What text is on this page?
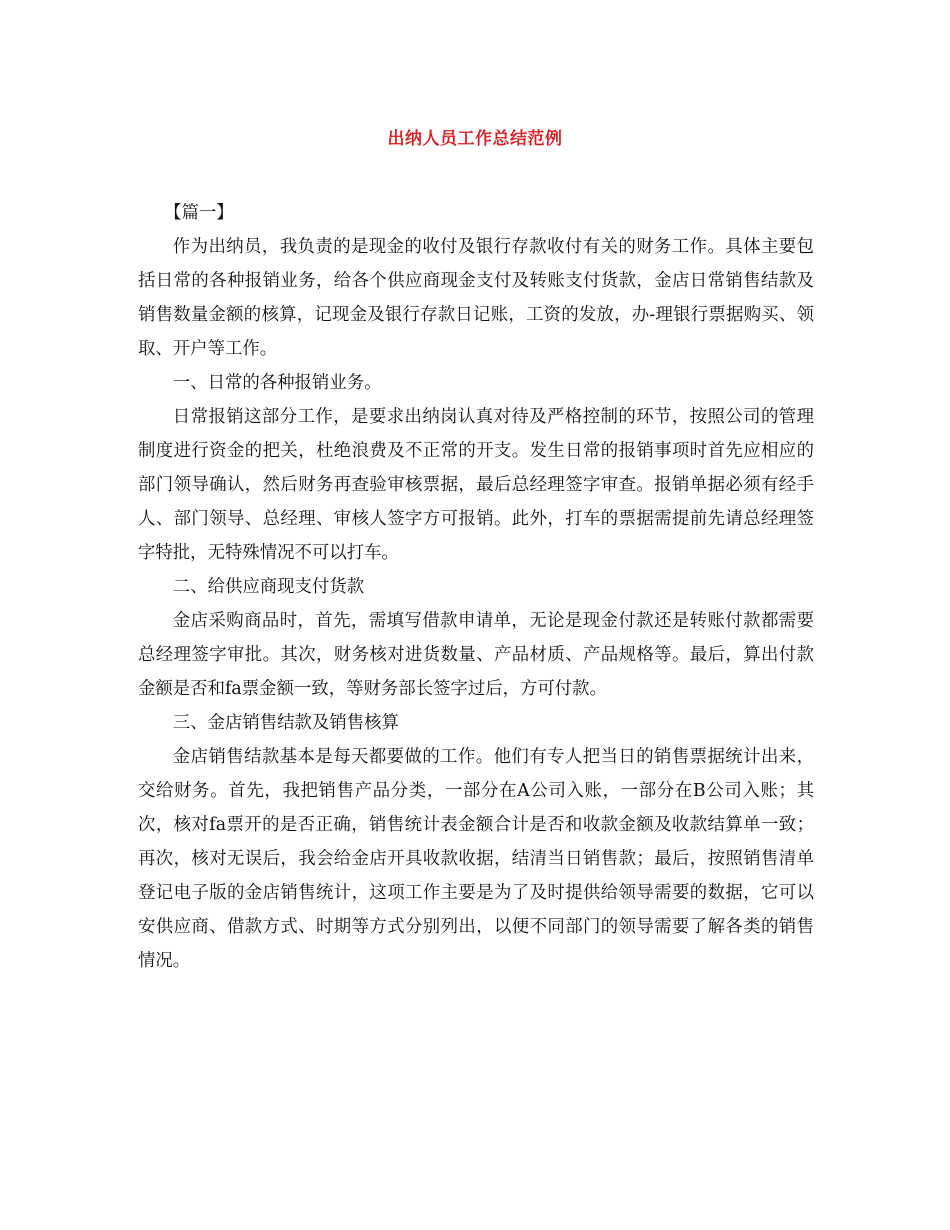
出纳人员工作总结范例

【篇一】

作为出纳员，我负责的是现金的收付及银行存款收付有关的财务工作。具体主要包括日常的各种报销业务，给各个供应商现金支付及转账支付货款，金店日常销售结款及销售数量金额的核算，记现金及银行存款日记账，工资的发放，办-理银行票据购买、领取、开户等工作。

一、日常的各种报销业务。

日常报销这部分工作，是要求出纳岗认真对待及严格控制的环节，按照公司的管理制度进行资金的把关，杜绝浪费及不正常的开支。发生日常的报销事项时首先应相应的部门领导确认，然后财务再查验审核票据，最后总经理签字审查。报销单据必须有经手人、部门领导、总经理、审核人签字方可报销。此外，打车的票据需提前先请总经理签字特批，无特殊情况不可以打车。

二、给供应商现支付货款

金店采购商品时，首先，需填写借款申请单，无论是现金付款还是转账付款都需要总经理签字审批。其次，财务核对进货数量、产品材质、产品规格等。最后，算出付款金额是否和fa票金额一致，等财务部长签字过后，方可付款。

三、金店销售结款及销售核算

金店销售结款基本是每天都要做的工作。他们有专人把当日的销售票据统计出来，交给财务。首先，我把销售产品分类，一部分在A公司入账，一部分在B公司入账；其次，核对fa票开的是否正确，销售统计表金额合计是否和收款金额及收款结算单一致；再次，核对无误后，我会给金店开具收款收据，结清当日销售款；最后，按照销售清单登记电子版的金店销售统计，这项工作主要是为了及时提供给领导需要的数据，它可以安供应商、借款方式、时期等方式分别列出，以便不同部门的领导需要了解各类的销售情况。
